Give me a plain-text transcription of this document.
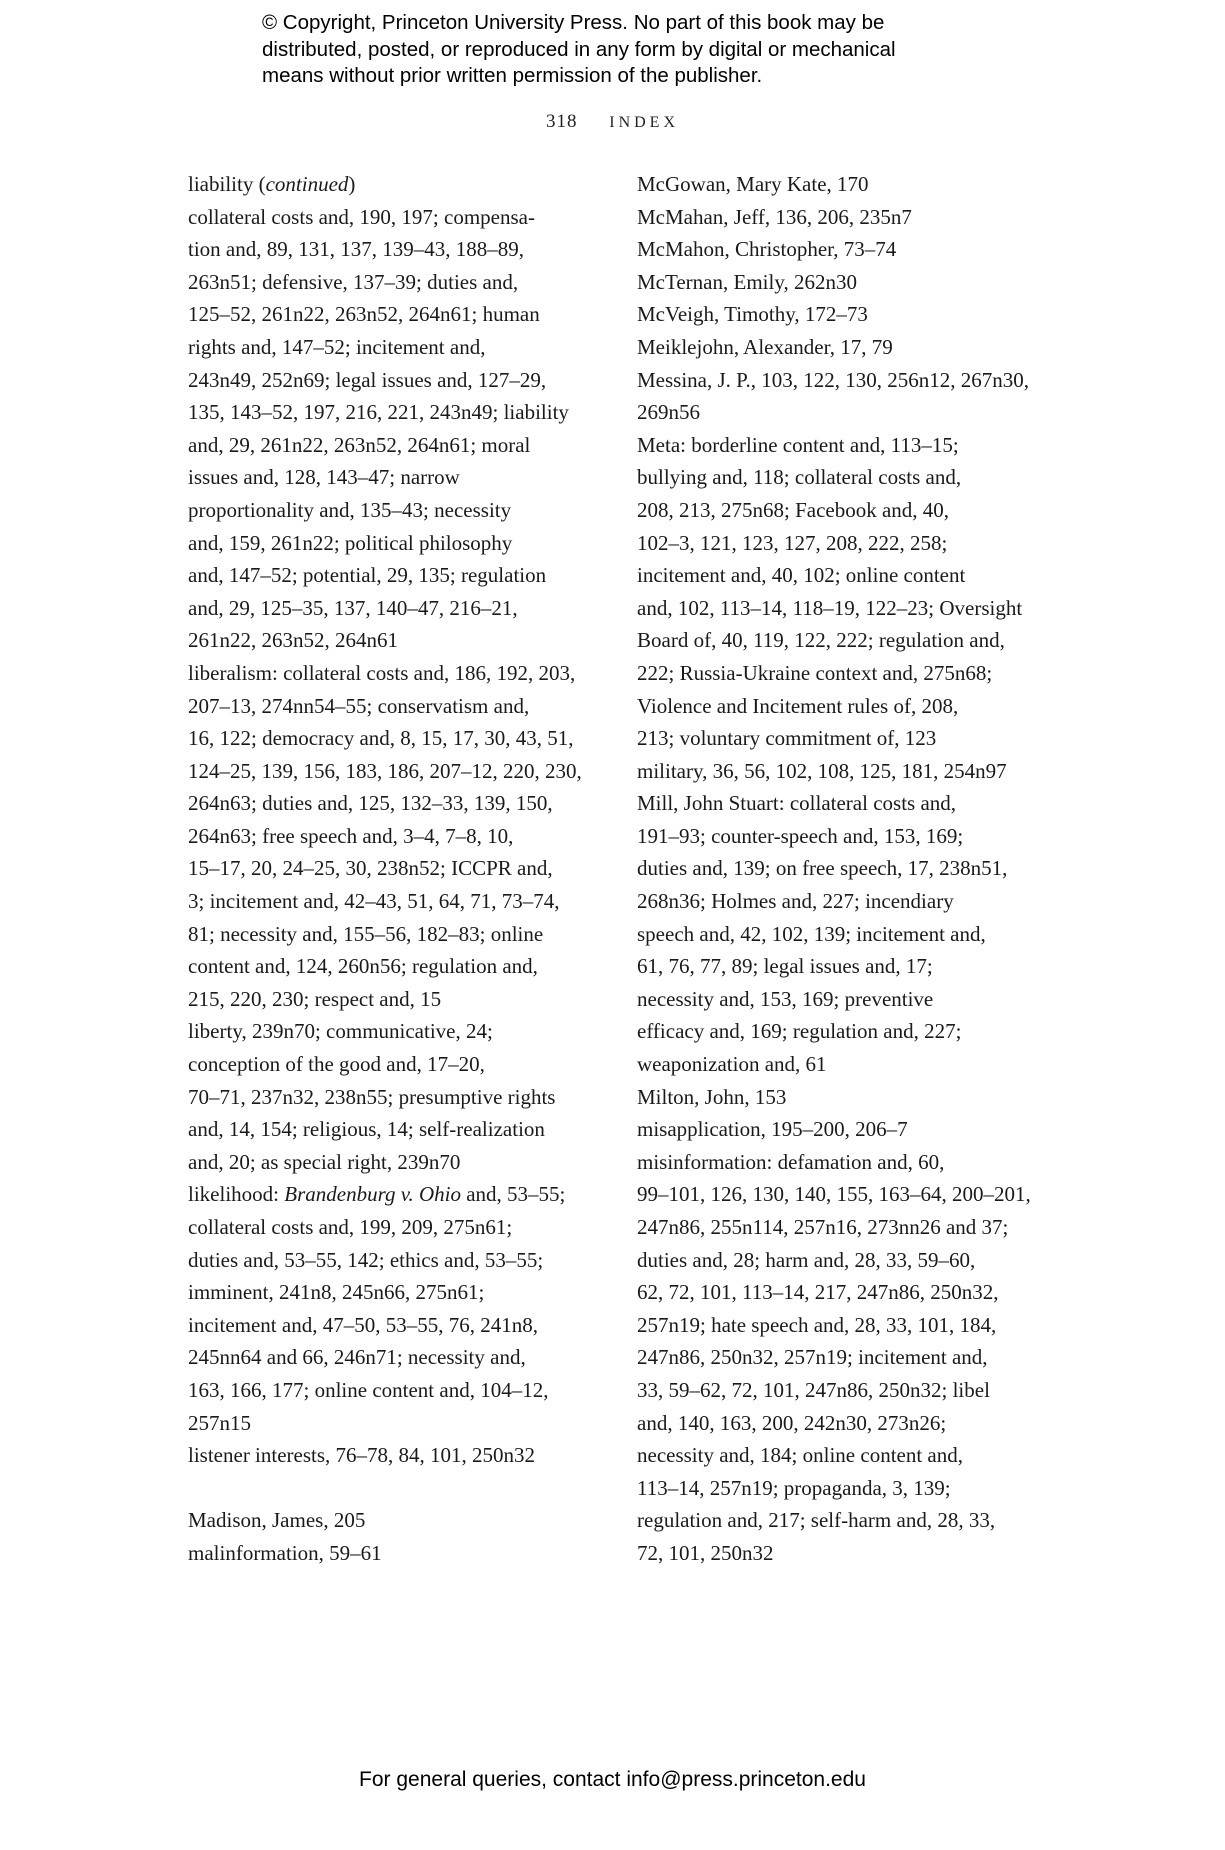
© Copyright, Princeton University Press. No part of this book may be
distributed, posted, or reproduced in any form by digital or mechanical
means without prior written permission of the publisher.
318 INDEX
liability (continued)
collateral costs and, 190, 197; compensa-
tion and, 89, 131, 137, 139–43, 188–89,
263n51; defensive, 137–39; duties and,
125–52, 261n22, 263n52, 264n61; human
rights and, 147–52; incitement and,
243n49, 252n69; legal issues and, 127–29,
135, 143–52, 197, 216, 221, 243n49; liability
and, 29, 261n22, 263n52, 264n61; moral
issues and, 128, 143–47; narrow
proportionality and, 135–43; necessity
and, 159, 261n22; political philosophy
and, 147–52; potential, 29, 135; regulation
and, 29, 125–35, 137, 140–47, 216–21,
261n22, 263n52, 264n61
liberalism: collateral costs and, 186, 192, 203,
207–13, 274nn54–55; conservatism and,
16, 122; democracy and, 8, 15, 17, 30, 43, 51,
124–25, 139, 156, 183, 186, 207–12, 220, 230,
264n63; duties and, 125, 132–33, 139, 150,
264n63; free speech and, 3–4, 7–8, 10,
15–17, 20, 24–25, 30, 238n52; ICCPR and,
3; incitement and, 42–43, 51, 64, 71, 73–74,
81; necessity and, 155–56, 182–83; online
content and, 124, 260n56; regulation and,
215, 220, 230; respect and, 15
liberty, 239n70; communicative, 24;
conception of the good and, 17–20,
70–71, 237n32, 238n55; presumptive rights
and, 14, 154; religious, 14; self-realization
and, 20; as special right, 239n70
likelihood: Brandenburg v. Ohio and, 53–55;
collateral costs and, 199, 209, 275n61;
duties and, 53–55, 142; ethics and, 53–55;
imminent, 241n8, 245n66, 275n61;
incitement and, 47–50, 53–55, 76, 241n8,
245nn64 and 66, 246n71; necessity and,
163, 166, 177; online content and, 104–12,
257n15
listener interests, 76–78, 84, 101, 250n32
Madison, James, 205
malinformation, 59–61
McGowan, Mary Kate, 170
McMahan, Jeff, 136, 206, 235n7
McMahon, Christopher, 73–74
McTernan, Emily, 262n30
McVeigh, Timothy, 172–73
Meiklejohn, Alexander, 17, 79
Messina, J. P., 103, 122, 130, 256n12, 267n30,
269n56
Meta: borderline content and, 113–15;
bullying and, 118; collateral costs and,
208, 213, 275n68; Facebook and, 40,
102–3, 121, 123, 127, 208, 222, 258;
incitement and, 40, 102; online content
and, 102, 113–14, 118–19, 122–23; Oversight
Board of, 40, 119, 122, 222; regulation and,
222; Russia-Ukraine context and, 275n68;
Violence and Incitement rules of, 208,
213; voluntary commitment of, 123
military, 36, 56, 102, 108, 125, 181, 254n97
Mill, John Stuart: collateral costs and,
191–93; counter-speech and, 153, 169;
duties and, 139; on free speech, 17, 238n51,
268n36; Holmes and, 227; incendiary
speech and, 42, 102, 139; incitement and,
61, 76, 77, 89; legal issues and, 17;
necessity and, 153, 169; preventive
efficacy and, 169; regulation and, 227;
weaponization and, 61
Milton, John, 153
misapplication, 195–200, 206–7
misinformation: defamation and, 60,
99–101, 126, 130, 140, 155, 163–64, 200–201,
247n86, 255n114, 257n16, 273nn26 and 37;
duties and, 28; harm and, 28, 33, 59–60,
62, 72, 101, 113–14, 217, 247n86, 250n32,
257n19; hate speech and, 28, 33, 101, 184,
247n86, 250n32, 257n19; incitement and,
33, 59–62, 72, 101, 247n86, 250n32; libel
and, 140, 163, 200, 242n30, 273n26;
necessity and, 184; online content and,
113–14, 257n19; propaganda, 3, 139;
regulation and, 217; self-harm and, 28, 33,
72, 101, 250n32
For general queries, contact info@press.princeton.edu
